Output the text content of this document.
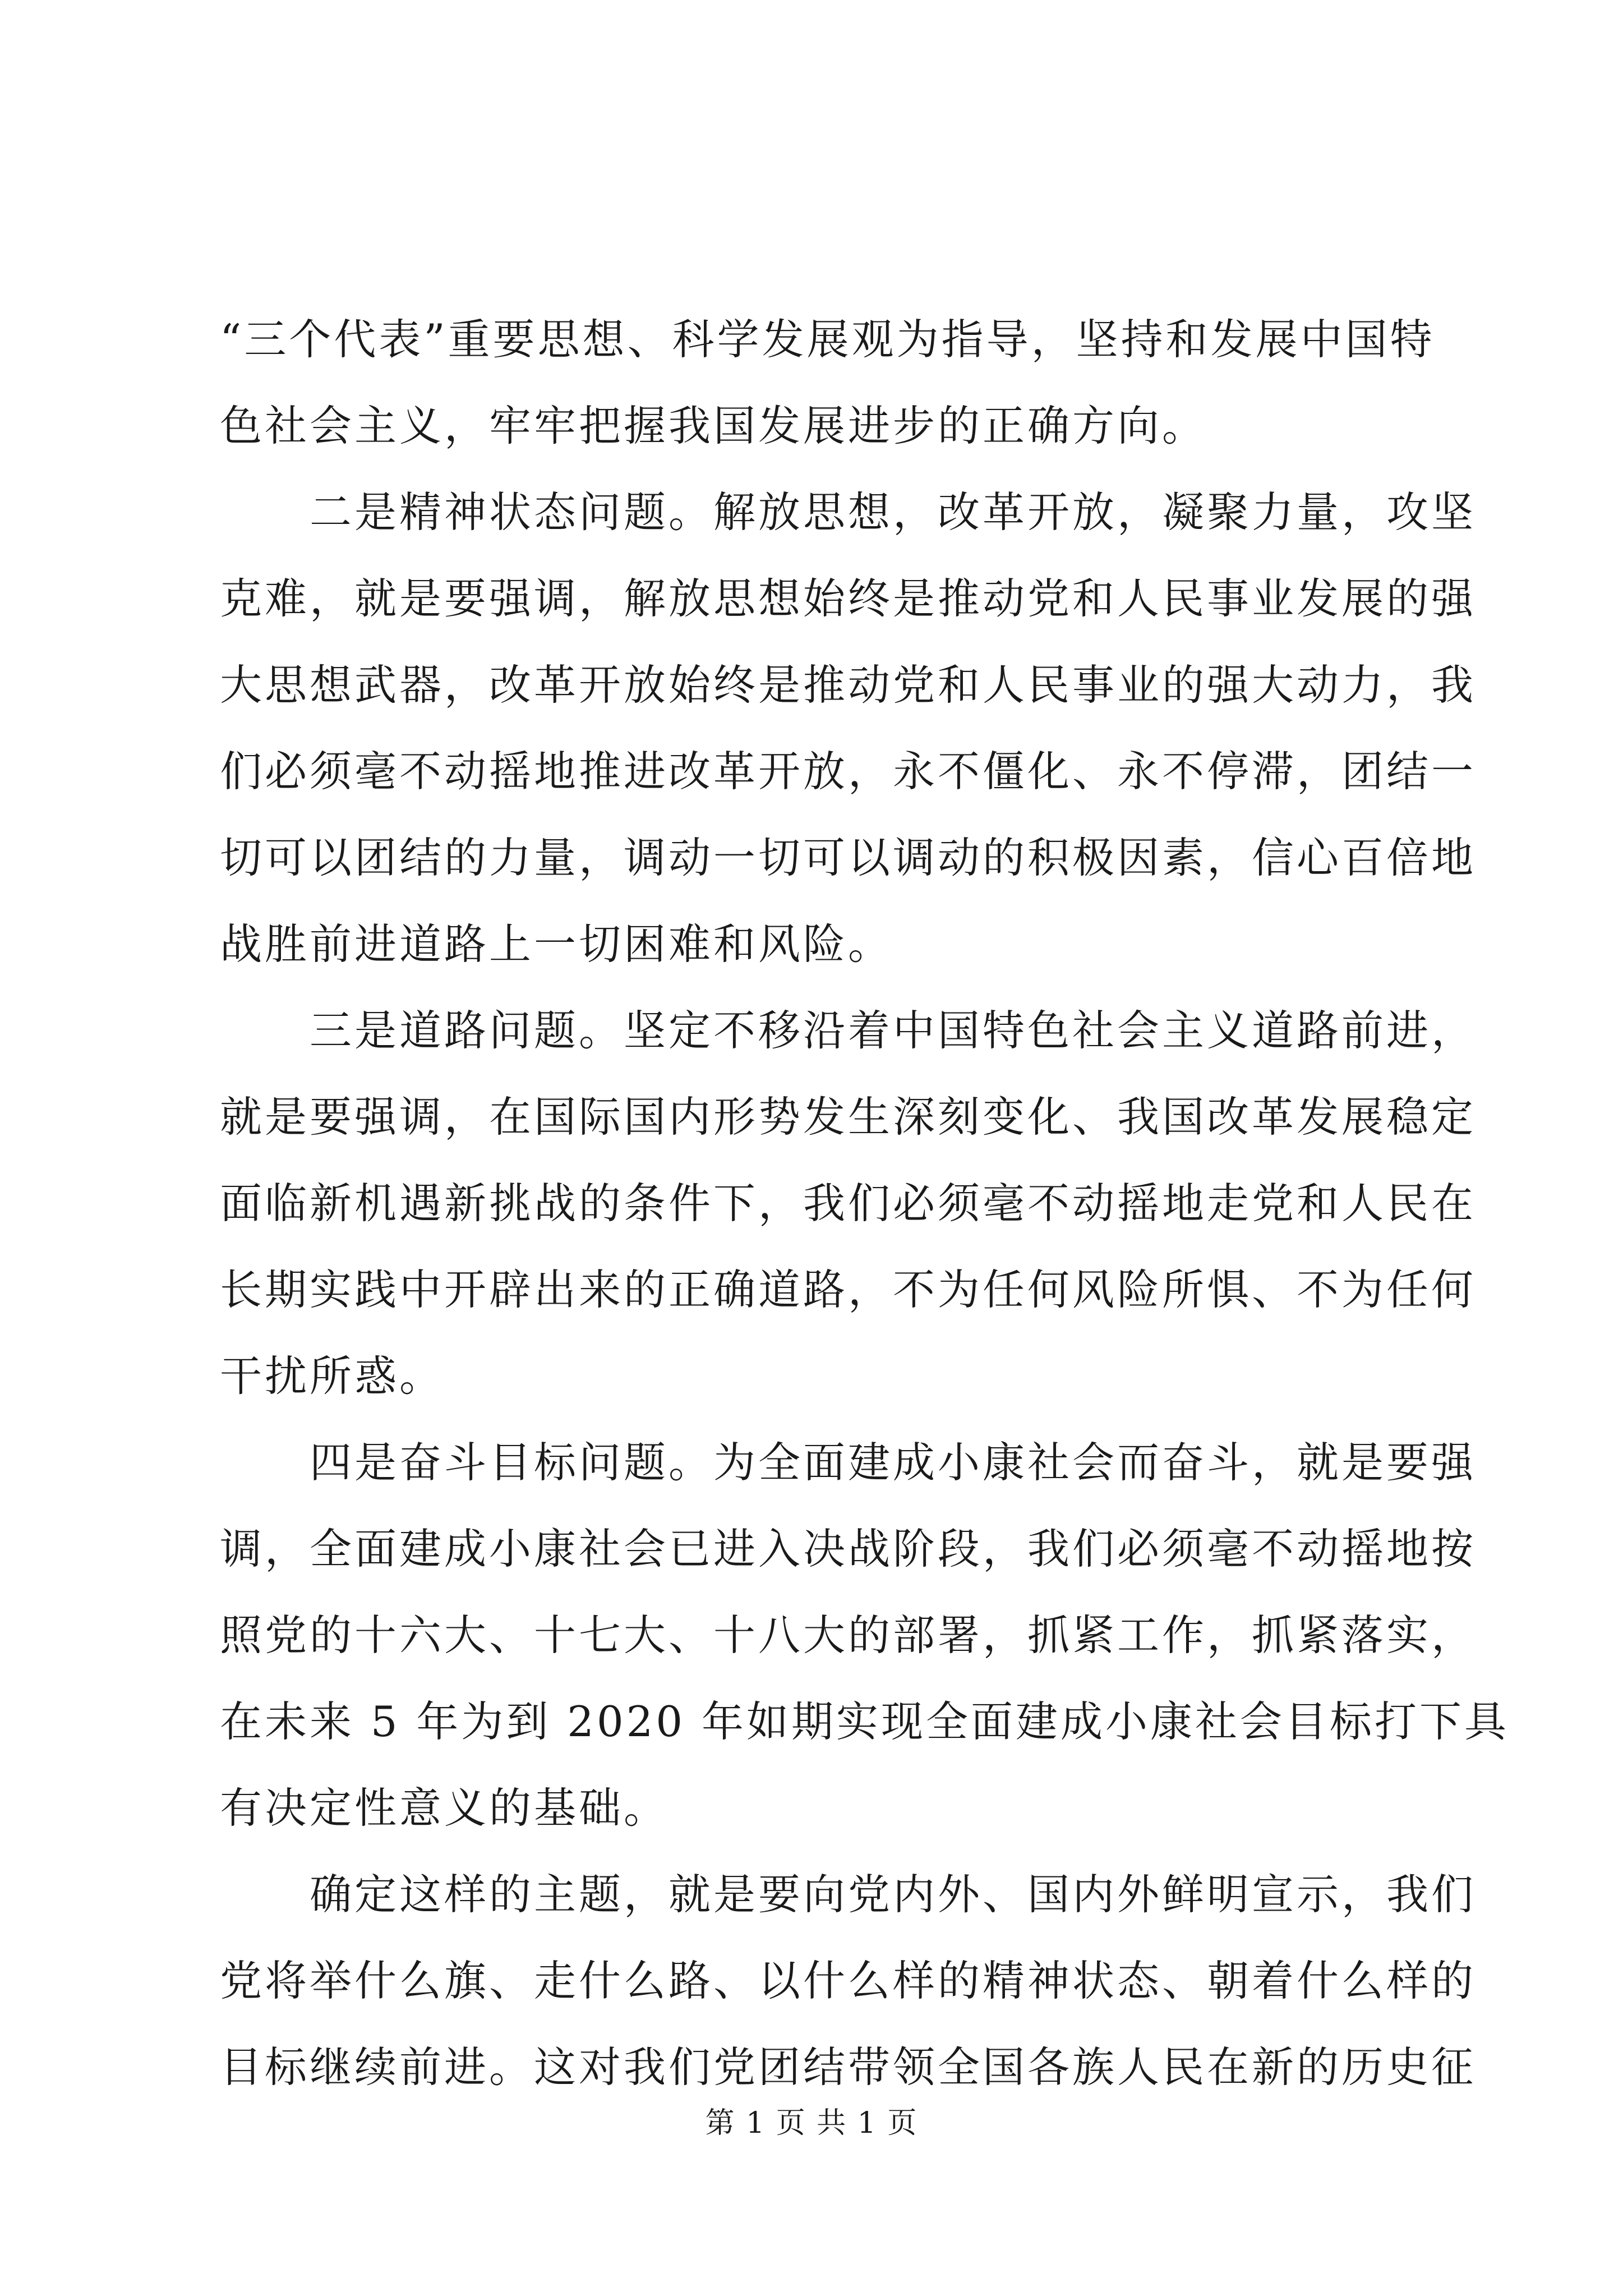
“三个代表”重要思想、科学发展观为指导，坚持和发展中国特
色社会主义，牢牢把握我国发展进步的正确方向。
二是精神状态问题。解放思想，改革开放，凝聚力量，攻坚
克难，就是要强调，解放思想始终是推动党和人民事业发展的强
大思想武器，改革开放始终是推动党和人民事业的强大动力，我
们必须毫不动摇地推进改革开放，永不僵化、永不停滞，团结一
切可以团结的力量，调动一切可以调动的积极因素，信心百倍地
战胜前进道路上一切困难和风险。
三是道路问题。坚定不移沿着中国特色社会主义道路前进，
就是要强调，在国际国内形势发生深刻变化、我国改革发展稳定
面临新机遇新挑战的条件下，我们必须毫不动摇地走党和人民在
长期实践中开辟出来的正确道路，不为任何风险所惧、不为任何
干扰所惑。
四是奋斗目标问题。为全面建成小康社会而奋斗，就是要强
调，全面建成小康社会已进入决战阶段，我们必须毫不动摇地按
照党的十六大、十七大、十八大的部署，抓紧工作，抓紧落实，
在未来 5 年为到 2020 年如期实现全面建成小康社会目标打下具
有决定性意义的基础。
确定这样的主题，就是要向党内外、国内外鲜明宣示，我们
党将举什么旗、走什么路、以什么样的精神状态、朝着什么样的
目标继续前进。这对我们党团结带领全国各族人民在新的历史征
第 1 页 共 1 页
